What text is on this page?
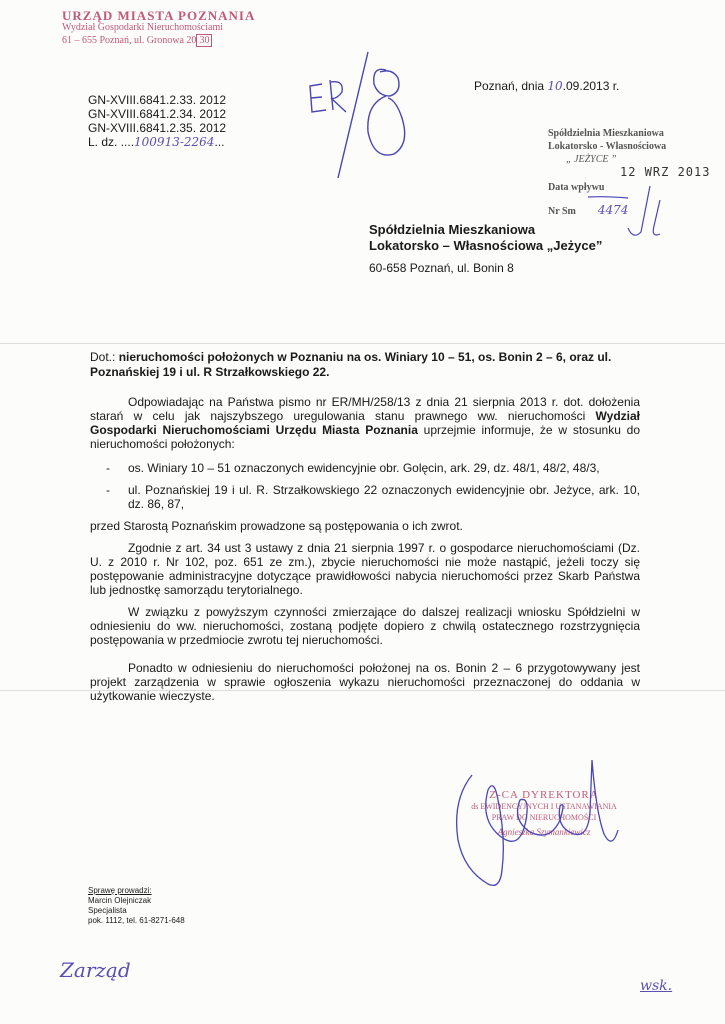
URZĄD MIASTA POZNANIA
Wydział Gospodarki Nieruchomościami
61 – 655 Poznań, ul. Gronowa 20 30
GN-XVIII.6841.2.33. 2012
GN-XVIII.6841.2.34. 2012
GN-XVIII.6841.2.35. 2012
L. dz. ....100913-2264...
Poznań, dnia 10.09.2013 r.
Spółdzielnia Mieszkaniowa
Lokatorsko - Własnościowa
„ JEŻYCE ”
12 WRZ 2013
Data wpływu
Nr Sm 4474
Spółdzielnia Mieszkaniowa
Lokatorsko – Własnościowa „Jeżyce”
60-658 Poznań, ul. Bonin 8
Dot.: nieruchomości położonych w Poznaniu na os. Winiary 10 – 51, os. Bonin 2 – 6, oraz ul. Poznańskiej 19 i ul. R Strzałkowskiego 22.

Odpowiadając na Państwa pismo nr ER/MH/258/13 z dnia 21 sierpnia 2013 r. dot. dołożenia starań w celu jak najszybszego uregulowania stanu prawnego ww. nieruchomości Wydział Gospodarki Nieruchomościami Urzędu Miasta Poznania uprzejmie informuje, że w stosunku do nieruchomości położonych:

- os. Winiary 10 – 51 oznaczonych ewidencyjnie obr. Golęcin, ark. 29, dz. 48/1, 48/2, 48/3,
- ul. Poznańskiej 19 i ul. R. Strzałkowskiego 22 oznaczonych ewidencyjnie obr. Jeżyce, ark. 10, dz. 86, 87,

przed Starostą Poznańskim prowadzone są postępowania o ich zwrot.

Zgodnie z art. 34 ust 3 ustawy z dnia 21 sierpnia 1997 r. o gospodarce nieruchomościami (Dz. U. z 2010 r. Nr 102, poz. 651 ze zm.), zbycie nieruchomości nie może nastąpić, jeżeli toczy się postępowanie administracyjne dotyczące prawidłowości nabycia nieruchomości przez Skarb Państwa lub jednostkę samorządu terytorialnego.

W związku z powyższym czynności zmierzające do dalszej realizacji wniosku Spółdzielni w odniesieniu do ww. nieruchomości, zostaną podjęte dopiero z chwilą ostatecznego rozstrzygnięcia postępowania w przedmiocie zwrotu tej nieruchomości.

Ponadto w odniesieniu do nieruchomości położonej na os. Bonin 2 – 6 przygotowywany jest projekt zarządzenia w sprawie ogłoszenia wykazu nieruchomości przeznaczonej do oddania w użytkowanie wieczyste.

Z-CA DYREKTORA
ds EWIDENCYJNYCH I USTANAWIANIA
PRAW DO NIERUCHOMOŚCI
Agnieszka Szymankiewicz
Sprawę prowadzi:
Marcin Olejniczak
Specjalista
pok. 1112, tel. 61-8271-648
Zarząd
wsk.
